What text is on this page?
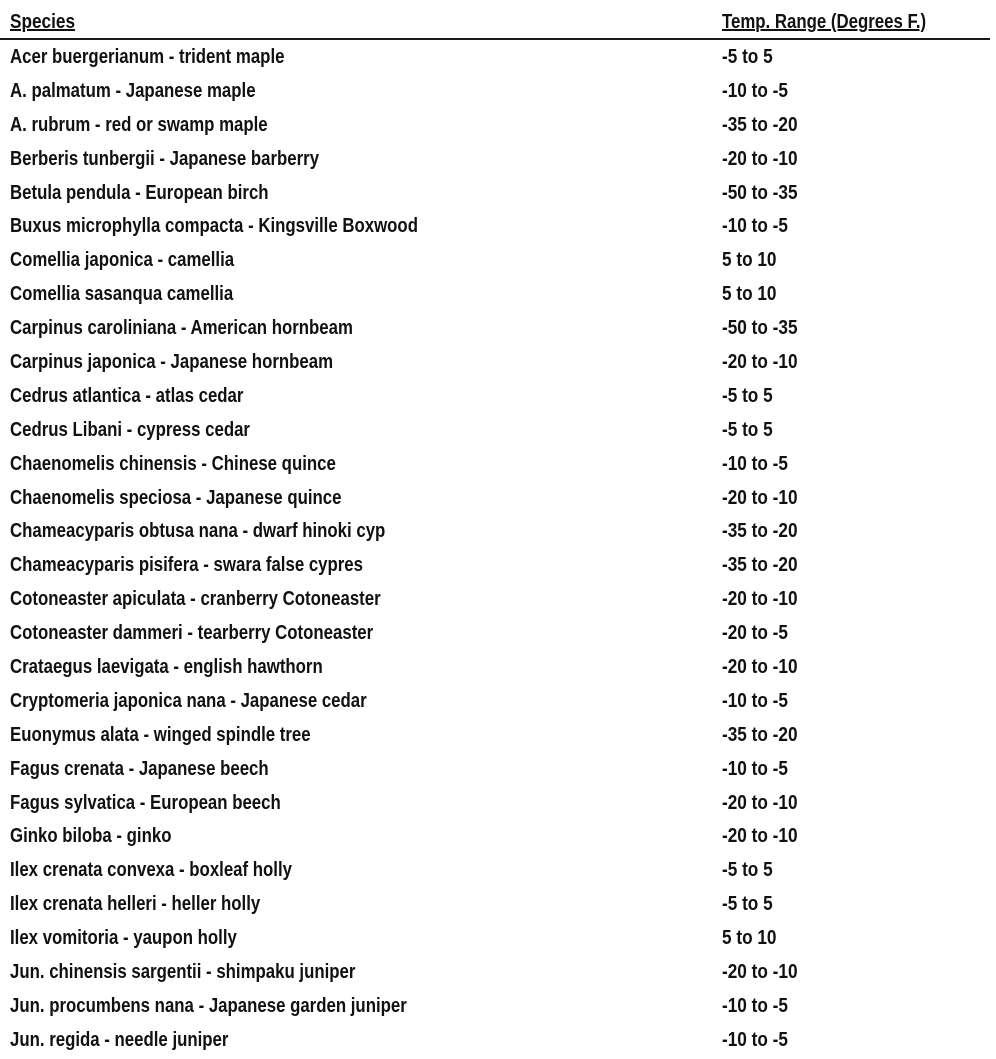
Species	Temp. Range (Degrees F.)
Acer buergerianum - trident maple	-5 to 5
A. palmatum - Japanese maple	-10 to -5
A. rubrum - red or swamp maple	-35 to -20
Berberis tunbergii - Japanese barberry	-20 to -10
Betula pendula - European birch	-50 to -35
Buxus microphylla compacta - Kingsville Boxwood	-10 to -5
Comellia japonica - camellia	5 to 10
Comellia sasanqua camellia	5 to 10
Carpinus caroliniana - American hornbeam	-50 to -35
Carpinus japonica - Japanese hornbeam	-20 to -10
Cedrus atlantica - atlas cedar	-5 to 5
Cedrus Libani - cypress cedar	-5 to 5
Chaenomelis chinensis - Chinese quince	-10 to -5
Chaenomelis speciosa - Japanese quince	-20 to -10
Chameacyparis obtusa nana - dwarf hinoki cyp	-35 to -20
Chameacyparis pisifera - swara false cypres	-35 to -20
Cotoneaster apiculata - cranberry Cotoneaster	-20 to -10
Cotoneaster dammeri - tearberry Cotoneaster	-20 to -5
Crataegus laevigata - english hawthorn	-20 to -10
Cryptomeria japonica nana - Japanese cedar	-10 to -5
Euonymus alata - winged spindle tree	-35 to -20
Fagus crenata - Japanese beech	-10 to -5
Fagus sylvatica - European beech	-20 to -10
Ginko biloba - ginko	-20 to -10
Ilex crenata convexa - boxleaf holly	-5 to 5
Ilex crenata helleri - heller holly	-5 to 5
Ilex vomitoria - yaupon holly	5 to 10
Jun. chinensis sargentii - shimpaku juniper	-20 to -10
Jun. procumbens nana - Japanese garden juniper	-10 to -5
Jun. regida - needle juniper	-10 to -5
